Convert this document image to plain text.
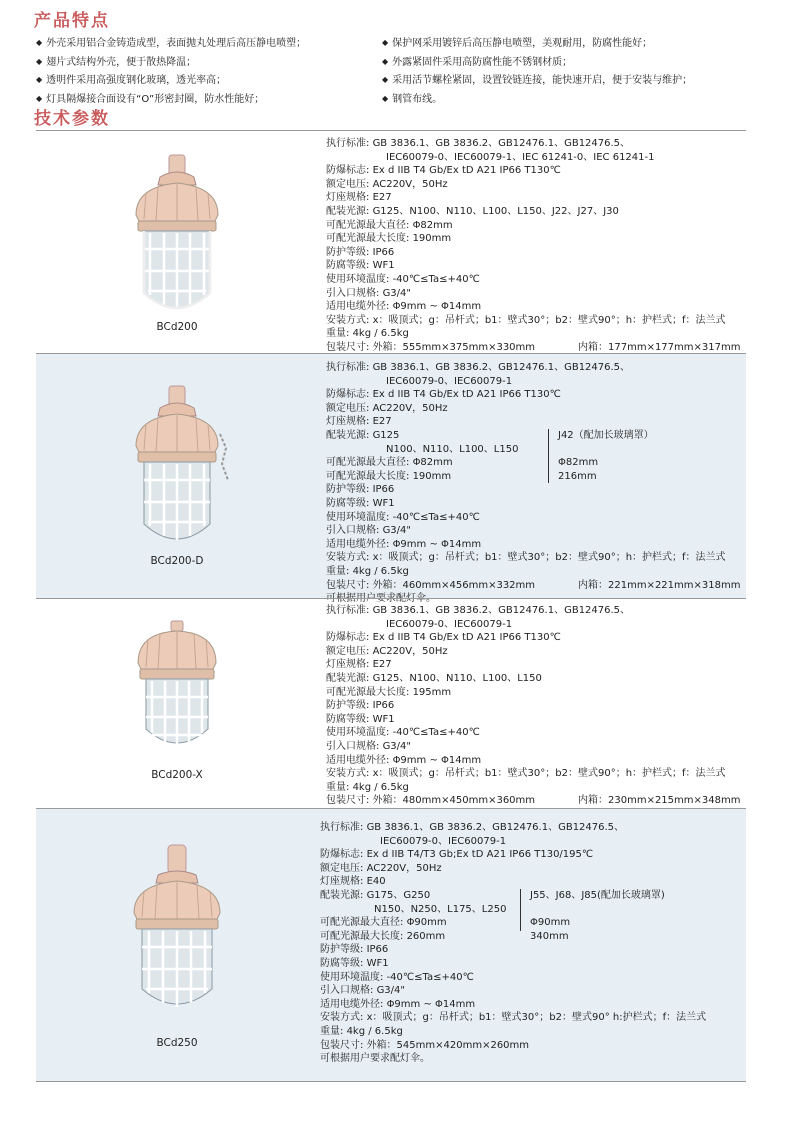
产品特点
◆ 外壳采用铝合金铸造成型，表面抛丸处理后高压静电喷塑；
◆ 翅片式结构外壳，便于散热降温；
◆ 透明件采用高强度钢化玻璃，透光率高；
◆ 灯具隔爆接合面设有“O”形密封圈，防水性能好；
◆ 保护网采用镀锌后高压静电喷塑，美观耐用，防腐性能好；
◆ 外露紧固件采用高防腐性能不锈钢材质；
◆ 采用活节螺栓紧固，设置铰链连接，能快速开启，便于安装与维护；
◆ 钢管布线。
技术参数
BCd200
执行标准: GB 3836.1、GB 3836.2、GB12476.1、GB12476.5、
IEC60079-0、IEC60079-1、IEC 61241-0、IEC 61241-1
防爆标志: Ex d IIB T4 Gb/Ex tD A21 IP66 T130℃
额定电压: AC220V，50Hz
灯座规格: E27
配装光源: G125、N100、N110、L100、L150、J22、J27、J30
可配光源最大直径: Φ82mm
可配光源最大长度: 190mm
防护等级: IP66
防腐等级: WF1
使用环境温度: -40℃≤Ta≤+40℃
引入口规格: G3/4"
适用电缆外径: Φ9mm ~ Φ14mm
安装方式: x：吸顶式；g：吊杆式；b1：壁式30°；b2：壁式90°；h：护栏式；f：法兰式
重量: 4kg / 6.5kg
包装尺寸: 外箱：555mm×375mm×330mm	内箱：177mm×177mm×317mm
BCd200-D
执行标准: GB 3836.1、GB 3836.2、GB12476.1、GB12476.5、
IEC60079-0、IEC60079-1
防爆标志: Ex d IIB T4 Gb/Ex tD A21 IP66 T130℃
额定电压: AC220V，50Hz
灯座规格: E27
配装光源: G125	J42（配加长玻璃罩）
N100、N110、L100、L150
可配光源最大直径: Φ82mm	Φ82mm
可配光源最大长度: 190mm	216mm
防护等级: IP66
防腐等级: WF1
使用环境温度: -40℃≤Ta≤+40℃
引入口规格: G3/4"
适用电缆外径: Φ9mm ~ Φ14mm
安装方式: x：吸顶式；g：吊杆式；b1：壁式30°；b2：壁式90°；h：护栏式；f：法兰式
重量: 4kg / 6.5kg
包装尺寸: 外箱：460mm×456mm×332mm	内箱：221mm×221mm×318mm
可根据用户要求配灯伞。
BCd200-X
执行标准: GB 3836.1、GB 3836.2、GB12476.1、GB12476.5、
IEC60079-0、IEC60079-1
防爆标志: Ex d IIB T4 Gb/Ex tD A21 IP66 T130℃
额定电压: AC220V，50Hz
灯座规格: E27
配装光源: G125、N100、N110、L100、L150
可配光源最大长度: 195mm
防护等级: IP66
防腐等级: WF1
使用环境温度: -40℃≤Ta≤+40℃
引入口规格: G3/4"
适用电缆外径: Φ9mm ~ Φ14mm
安装方式: x：吸顶式；g：吊杆式；b1：壁式30°；b2：壁式90°；h：护栏式；f：法兰式
重量: 4kg / 6.5kg
包装尺寸: 外箱：480mm×450mm×360mm	内箱：230mm×215mm×348mm
BCd250
执行标准: GB 3836.1、GB 3836.2、GB12476.1、GB12476.5、
IEC60079-0、IEC60079-1
防爆标志: Ex d IIB T4/T3 Gb;Ex tD A21 IP66 T130/195℃
额定电压: AC220V，50Hz
灯座规格: E40
配装光源: G175、G250	J55、J68、J85(配加长玻璃罩)
N150、N250、L175、L250
可配光源最大直径: Φ90mm	Φ90mm
可配光源最大长度: 260mm	340mm
防护等级: IP66
防腐等级: WF1
使用环境温度: -40℃≤Ta≤+40℃
引入口规格: G3/4"
适用电缆外径: Φ9mm ~ Φ14mm
安装方式: x：吸顶式；g：吊杆式；b1：壁式30°；b2：壁式90° h:护栏式；f：法兰式
重量: 4kg / 6.5kg
包装尺寸: 外箱：545mm×420mm×260mm
可根据用户要求配灯伞。
